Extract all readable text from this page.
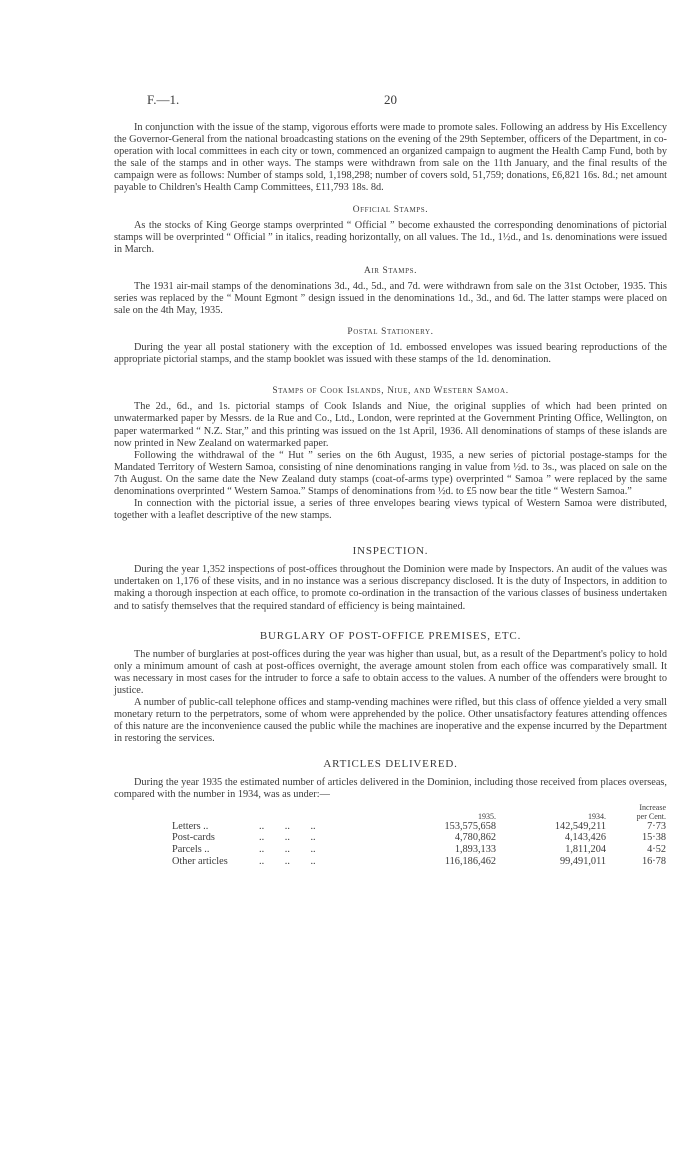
F.—1.	20

In conjunction with the issue of the stamp, vigorous efforts were made to promote sales. Following an address by His Excellency the Governor-General from the national broadcasting stations on the evening of the 29th September, officers of the Department, in co-operation with local committees in each city or town, commenced an organized campaign to augment the Health Camp Fund, both by the sale of the stamps and in other ways. The stamps were withdrawn from sale on the 11th January, and the final results of the campaign were as follows: Number of stamps sold, 1,198,298; number of covers sold, 51,759; donations, £6,821 16s. 8d.; net amount payable to Children's Health Camp Committees, £11,793 18s. 8d.

Official Stamps.

As the stocks of King George stamps overprinted “ Official ” become exhausted the corresponding denominations of pictorial stamps will be overprinted “ Official ” in italics, reading horizontally, on all values. The 1d., 1½d., and 1s. denominations were issued in March.

Air Stamps.

The 1931 air-mail stamps of the denominations 3d., 4d., 5d., and 7d. were withdrawn from sale on the 31st October, 1935. This series was replaced by the “ Mount Egmont ” design issued in the denominations 1d., 3d., and 6d. The latter stamps were placed on sale on the 4th May, 1935.

Postal Stationery.

During the year all postal stationery with the exception of 1d. embossed envelopes was issued bearing reproductions of the appropriate pictorial stamps, and the stamp booklet was issued with these stamps of the 1d. denomination.

Stamps of Cook Islands, Niue, and Western Samoa.

The 2d., 6d., and 1s. pictorial stamps of Cook Islands and Niue, the original supplies of which had been printed on unwatermarked paper by Messrs. de la Rue and Co., Ltd., London, were reprinted at the Government Printing Office, Wellington, on paper watermarked “ N.Z. Star,” and this printing was issued on the 1st April, 1936. All denominations of stamps of these islands are now printed in New Zealand on watermarked paper.

Following the withdrawal of the “ Hut ” series on the 6th August, 1935, a new series of pictorial postage-stamps for the Mandated Territory of Western Samoa, consisting of nine denominations ranging in value from ½d. to 3s., was placed on sale on the 7th August. On the same date the New Zealand duty stamps (coat-of-arms type) overprinted “ Samoa ” were replaced by the same denominations overprinted “ Western Samoa.” Stamps of denominations from ½d. to £5 now bear the title “ Western Samoa.”

In connection with the pictorial issue, a series of three envelopes bearing views typical of Western Samoa were distributed, together with a leaflet descriptive of the new stamps.

INSPECTION.

During the year 1,352 inspections of post-offices throughout the Dominion were made by Inspectors. An audit of the values was undertaken on 1,176 of these visits, and in no instance was a serious discrepancy disclosed. It is the duty of Inspectors, in addition to making a thorough inspection at each office, to promote co-ordination in the transaction of the various classes of business undertaken and to satisfy themselves that the required standard of efficiency is being maintained.

BURGLARY OF POST-OFFICE PREMISES, ETC.

The number of burglaries at post-offices during the year was higher than usual, but, as a result of the Department's policy to hold only a minimum amount of cash at post-offices overnight, the average amount stolen from each office was comparatively small. It was necessary in most cases for the intruder to force a safe to obtain access to the values. A number of the offenders were brought to justice.

A number of public-call telephone offices and stamp-vending machines were rifled, but this class of offence yielded a very small monetary return to the perpetrators, some of whom were apprehended by the police. Other unsatisfactory features attending offences of this nature are the inconvenience caused the public while the machines are inoperative and the expense incurred by the Department in restoring the services.

ARTICLES DELIVERED.

During the year 1935 the estimated number of articles delivered in the Dominion, including those received from places overseas, compared with the number in 1934, was as under:—

	1935.	1934.	Increase
per Cent.
Letters .. ..        ..        ..	153,575,658	142,549,211	7·73
Post-cards ..        ..        ..	4,780,862	4,143,426	15·38
Parcels .. ..        ..        ..	1,893,133	1,811,204	4·52
Other articles ..        ..        ..	116,186,462	99,491,011	16·78
